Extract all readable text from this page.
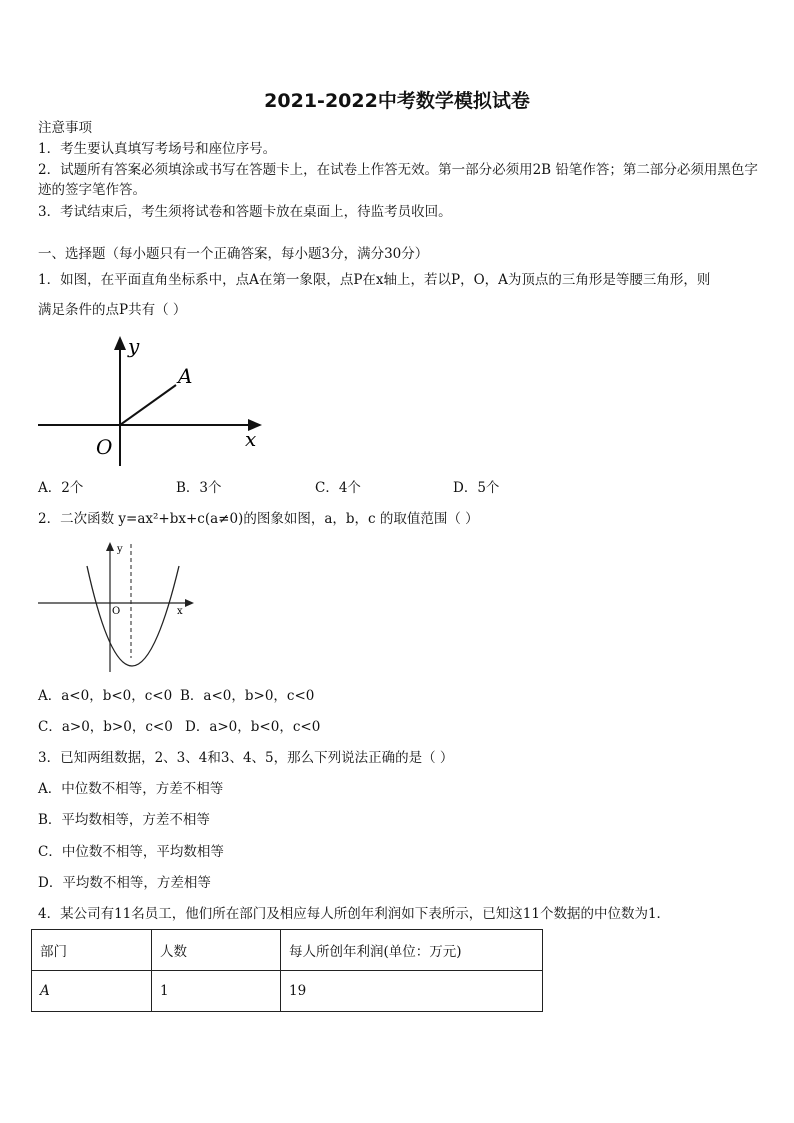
2021-2022中考数学模拟试卷
注意事项
1．考生要认真填写考场号和座位序号。
2．试题所有答案必须填涂或书写在答题卡上，在试卷上作答无效。第一部分必须用2B 铅笔作答；第二部分必须用黑色字迹的签字笔作答。
3．考试结束后，考生须将试卷和答题卡放在桌面上，待监考员收回。
一、选择题（每小题只有一个正确答案，每小题3分，满分30分）
1．如图，在平面直角坐标系中，点A在第一象限，点P在x轴上，若以P，O，A为顶点的三角形是等腰三角形，则
满足条件的点P共有（ ）
y
A
x
O
A．2个	B．3个	C．4个	D．5个
2．二次函数 y=ax²+bx+c(a≠0)的图象如图，a，b，c 的取值范围（ ）
y
x
O
A．a<0，b<0，c<0 B．a<0，b>0，c<0
C．a>0，b>0，c<0 D．a>0，b<0，c<0
3．已知两组数据，2、3、4和3、4、5，那么下列说法正确的是（ ）
A．中位数不相等，方差不相等
B．平均数相等，方差不相等
C．中位数不相等，平均数相等
D．平均数不相等，方差相等
4．某公司有11名员工，他们所在部门及相应每人所创年利润如下表所示，已知这11个数据的中位数为1．
部门	人数	每人所创年利润(单位：万元)
A	1	19
